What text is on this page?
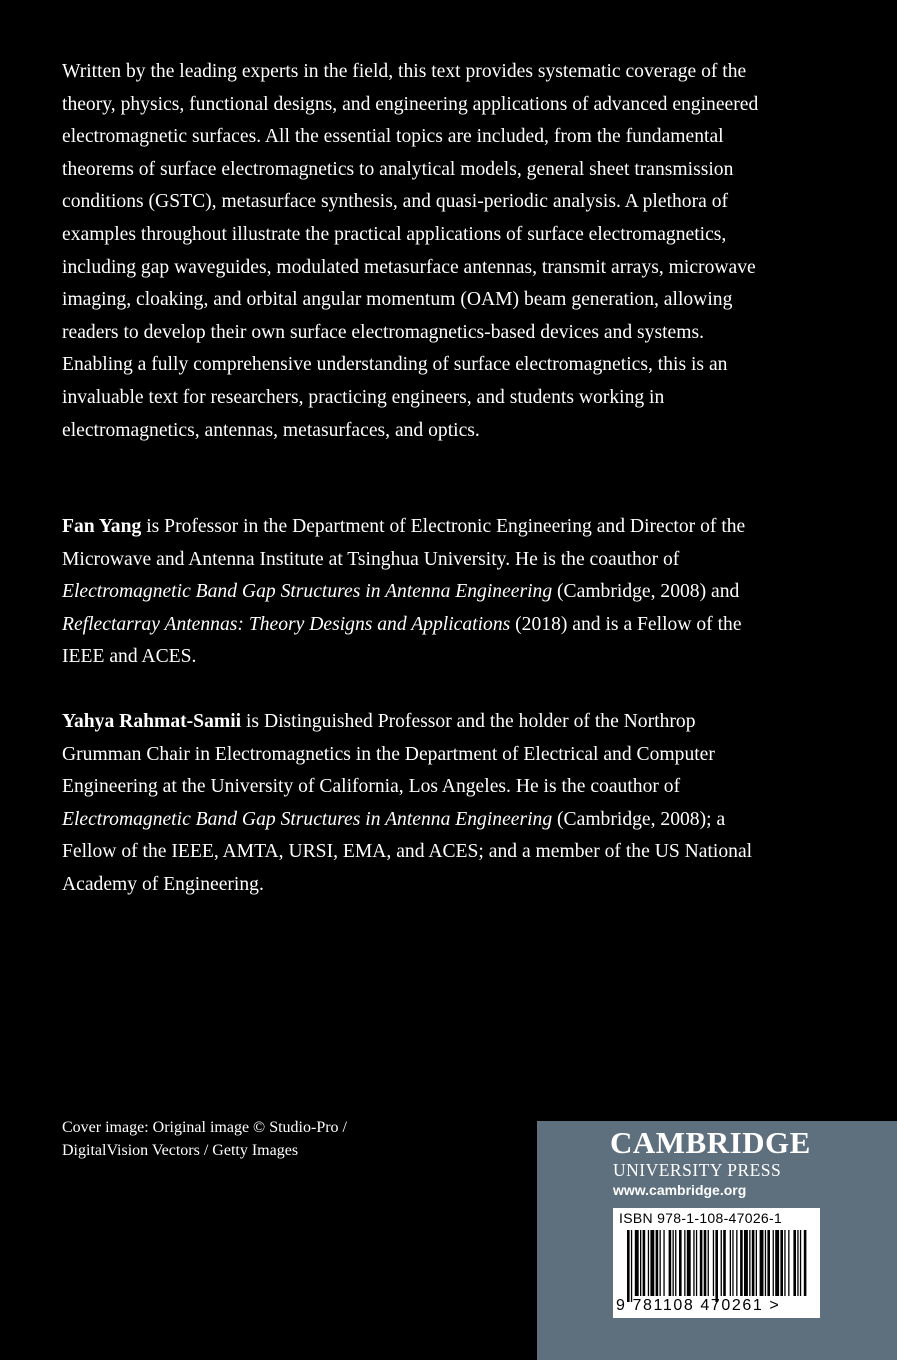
Written by the leading experts in the field, this text provides systematic coverage of the theory, physics, functional designs, and engineering applications of advanced engineered electromagnetic surfaces. All the essential topics are included, from the fundamental theorems of surface electromagnetics to analytical models, general sheet transmission conditions (GSTC), metasurface synthesis, and quasi-periodic analysis. A plethora of examples throughout illustrate the practical applications of surface electromagnetics, including gap waveguides, modulated metasurface antennas, transmit arrays, microwave imaging, cloaking, and orbital angular momentum (OAM) beam generation, allowing readers to develop their own surface electromagnetics-based devices and systems. Enabling a fully comprehensive understanding of surface electromagnetics, this is an invaluable text for researchers, practicing engineers, and students working in electromagnetics, antennas, metasurfaces, and optics.

Fan Yang is Professor in the Department of Electronic Engineering and Director of the Microwave and Antenna Institute at Tsinghua University. He is the coauthor of Electromagnetic Band Gap Structures in Antenna Engineering (Cambridge, 2008) and Reflectarray Antennas: Theory Designs and Applications (2018) and is a Fellow of the IEEE and ACES.

Yahya Rahmat-Samii is Distinguished Professor and the holder of the Northrop Grumman Chair in Electromagnetics in the Department of Electrical and Computer Engineering at the University of California, Los Angeles. He is the coauthor of Electromagnetic Band Gap Structures in Antenna Engineering (Cambridge, 2008); a Fellow of the IEEE, AMTA, URSI, EMA, and ACES; and a member of the US National Academy of Engineering.

Cover image: Original image © Studio-Pro /
DigitalVision Vectors / Getty Images	CAMBRIDGE
UNIVERSITY PRESS
www.cambridge.org
ISBN 978-1-108-47026-1
9 781108 470261 >
